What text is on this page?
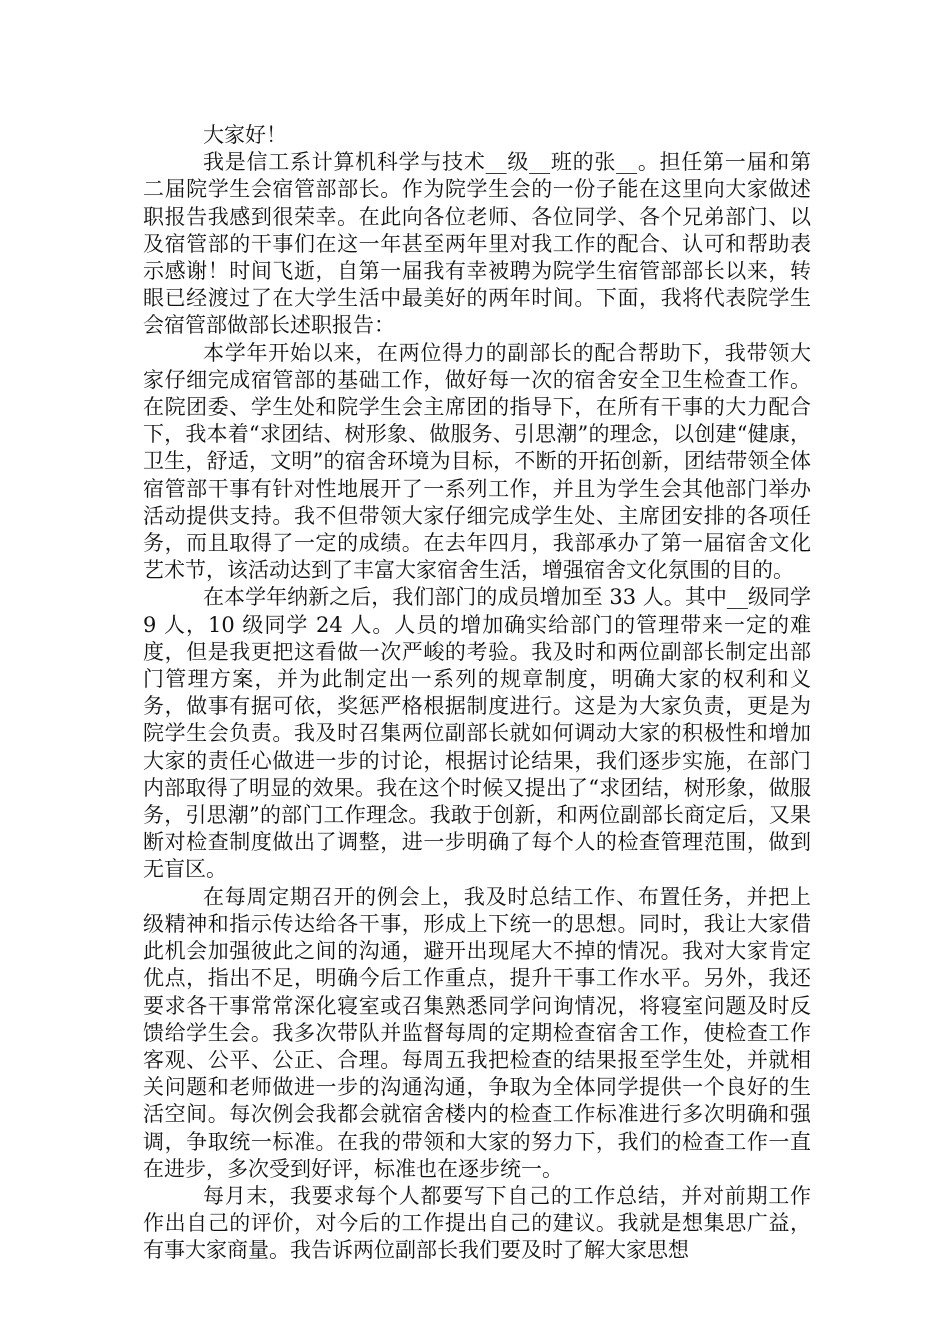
大家好！

我是信工系计算机科学与技术__级__班的张__。担任第一届和第二届院学生会宿管部部长。作为院学生会的一份子能在这里向大家做述职报告我感到很荣幸。在此向各位老师、各位同学、各个兄弟部门、以及宿管部的干事们在这一年甚至两年里对我工作的配合、认可和帮助表示感谢！时间飞逝，自第一届我有幸被聘为院学生宿管部部长以来，转眼已经渡过了在大学生活中最美好的两年时间。下面，我将代表院学生会宿管部做部长述职报告：

本学年开始以来，在两位得力的副部长的配合帮助下，我带领大家仔细完成宿管部的基础工作，做好每一次的宿舍安全卫生检查工作。在院团委、学生处和院学生会主席团的指导下，在所有干事的大力配合下，我本着“求团结、树形象、做服务、引思潮”的理念，以创建“健康，卫生，舒适，文明”的宿舍环境为目标，不断的开拓创新，团结带领全体宿管部干事有针对性地展开了一系列工作，并且为学生会其他部门举办活动提供支持。我不但带领大家仔细完成学生处、主席团安排的各项任务，而且取得了一定的成绩。在去年四月，我部承办了第一届宿舍文化艺术节，该活动达到了丰富大家宿舍生活，增强宿舍文化氛围的目的。

在本学年纳新之后，我们部门的成员增加至 33 人。其中__级同学 9 人，10 级同学 24 人。人员的增加确实给部门的管理带来一定的难度，但是我更把这看做一次严峻的考验。我及时和两位副部长制定出部门管理方案，并为此制定出一系列的规章制度，明确大家的权利和义务，做事有据可依，奖惩严格根据制度进行。这是为大家负责，更是为院学生会负责。我及时召集两位副部长就如何调动大家的积极性和增加大家的责任心做进一步的讨论，根据讨论结果，我们逐步实施，在部门内部取得了明显的效果。我在这个时候又提出了“求团结，树形象，做服务，引思潮”的部门工作理念。我敢于创新，和两位副部长商定后，又果断对检查制度做出了调整，进一步明确了每个人的检查管理范围，做到无盲区。

在每周定期召开的例会上，我及时总结工作、布置任务，并把上级精神和指示传达给各干事，形成上下统一的思想。同时，我让大家借此机会加强彼此之间的沟通，避开出现尾大不掉的情况。我对大家肯定优点，指出不足，明确今后工作重点，提升干事工作水平。另外，我还要求各干事常常深化寝室或召集熟悉同学问询情况，将寝室问题及时反馈给学生会。我多次带队并监督每周的定期检查宿舍工作，使检查工作客观、公平、公正、合理。每周五我把检查的结果报至学生处，并就相关问题和老师做进一步的沟通沟通，争取为全体同学提供一个良好的生活空间。每次例会我都会就宿舍楼内的检查工作标准进行多次明确和强调，争取统一标准。在我的带领和大家的努力下，我们的检查工作一直在进步，多次受到好评，标准也在逐步统一。

每月末，我要求每个人都要写下自己的工作总结，并对前期工作作出自己的评价，对今后的工作提出自己的建议。我就是想集思广益，有事大家商量。我告诉两位副部长我们要及时了解大家思想
